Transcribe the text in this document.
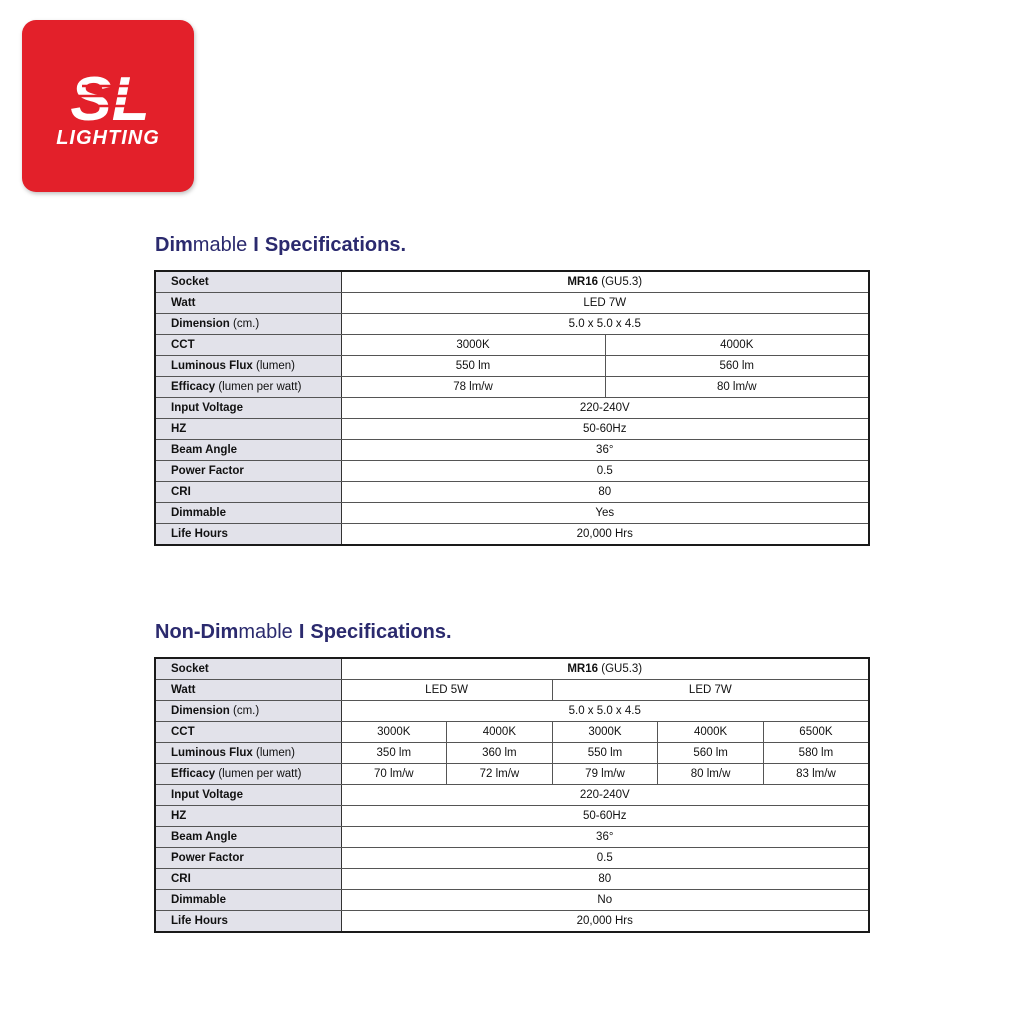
SL
LIGHTING
Dimmable I Specifications.
Socket	MR16 (GU5.3)	
Watt	LED 7W	
Dimension (cm.)	5.0 x 5.0 x 4.5	
CCT	3000K	4000K
Luminous Flux (lumen)	550 lm	560 lm
Efficacy (lumen per watt)	78 lm/w	80 lm/w
Input Voltage	220-240V	
HZ	50-60Hz	
Beam Angle	36°	
Power Factor	0.5	
CRI	80	
Dimmable	Yes	
Life Hours	20,000 Hrs	
Non-Dimmable I Specifications.
Socket	MR16 (GU5.3)				
Watt	LED 5W		LED 7W		
Dimension (cm.)	5.0 x 5.0 x 4.5				
CCT	3000K	4000K	3000K	4000K	6500K
Luminous Flux (lumen)	350 lm	360 lm	550 lm	560 lm	580 lm
Efficacy (lumen per watt)	70 lm/w	72 lm/w	79 lm/w	80 lm/w	83 lm/w
Input Voltage	220-240V				
HZ	50-60Hz				
Beam Angle	36°				
Power Factor	0.5				
CRI	80				
Dimmable	No				
Life Hours	20,000 Hrs				
